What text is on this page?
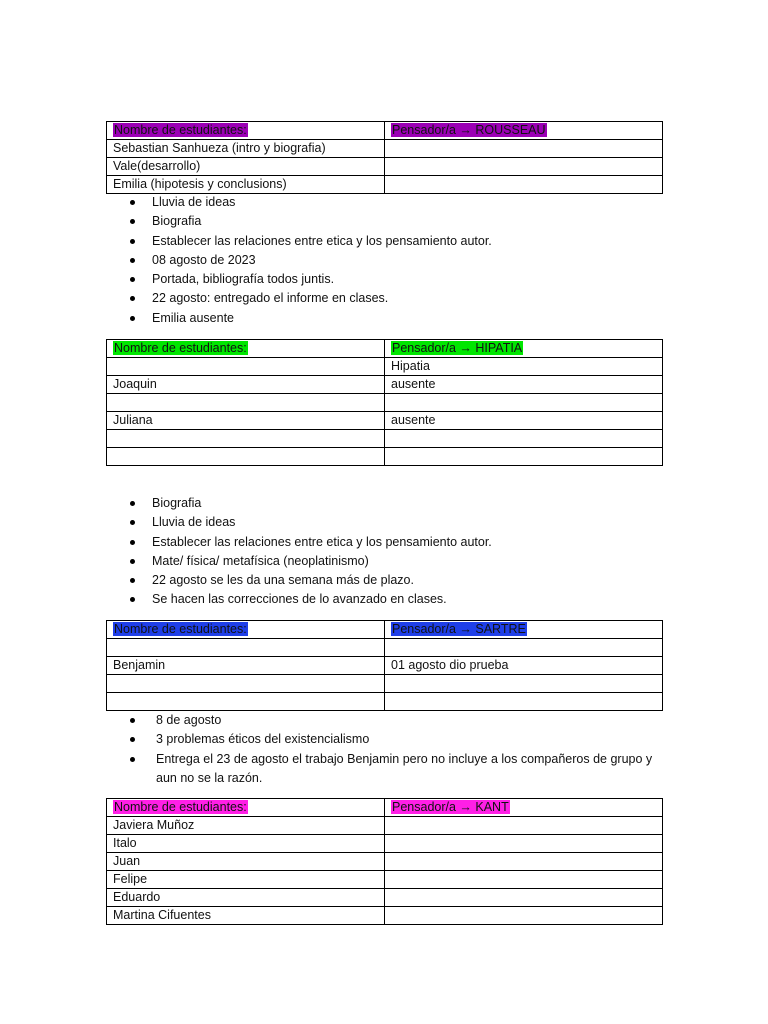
Nombre de estudiantes:	Pensador/a → ROUSSEAU
Sebastian Sanhueza (intro y biografia)	
Vale(desarrollo)	
Emilia (hipotesis y conclusions)	
Lluvia de ideas
Biografia
Establecer las relaciones entre etica y los pensamiento autor.
08 agosto de 2023
Portada, bibliografía todos juntis.
22 agosto: entregado el informe en clases.
Emilia ausente
Nombre de estudiantes:	Pensador/a → HIPATIA
	Hipatia
Joaquin	ausente

Juliana	ausente

Biografia
Lluvia de ideas
Establecer las relaciones entre etica y los pensamiento autor.
Mate/ física/ metafísica (neoplatinismo)
22 agosto se les da una semana más de plazo.
Se hacen las correcciones de lo avanzado en clases.
Nombre de estudiantes:	Pensador/a → SARTRE

Benjamin	01 agosto dio prueba

8 de agosto
3 problemas éticos del existencialismo
Entrega el 23 de agosto el trabajo Benjamin pero no incluye a los compañeros de grupo y aun no se la razón.
Nombre de estudiantes:	Pensador/a → KANT
Javiera Muñoz	
Italo	
Juan	
Felipe	
Eduardo	
Martina Cifuentes	
